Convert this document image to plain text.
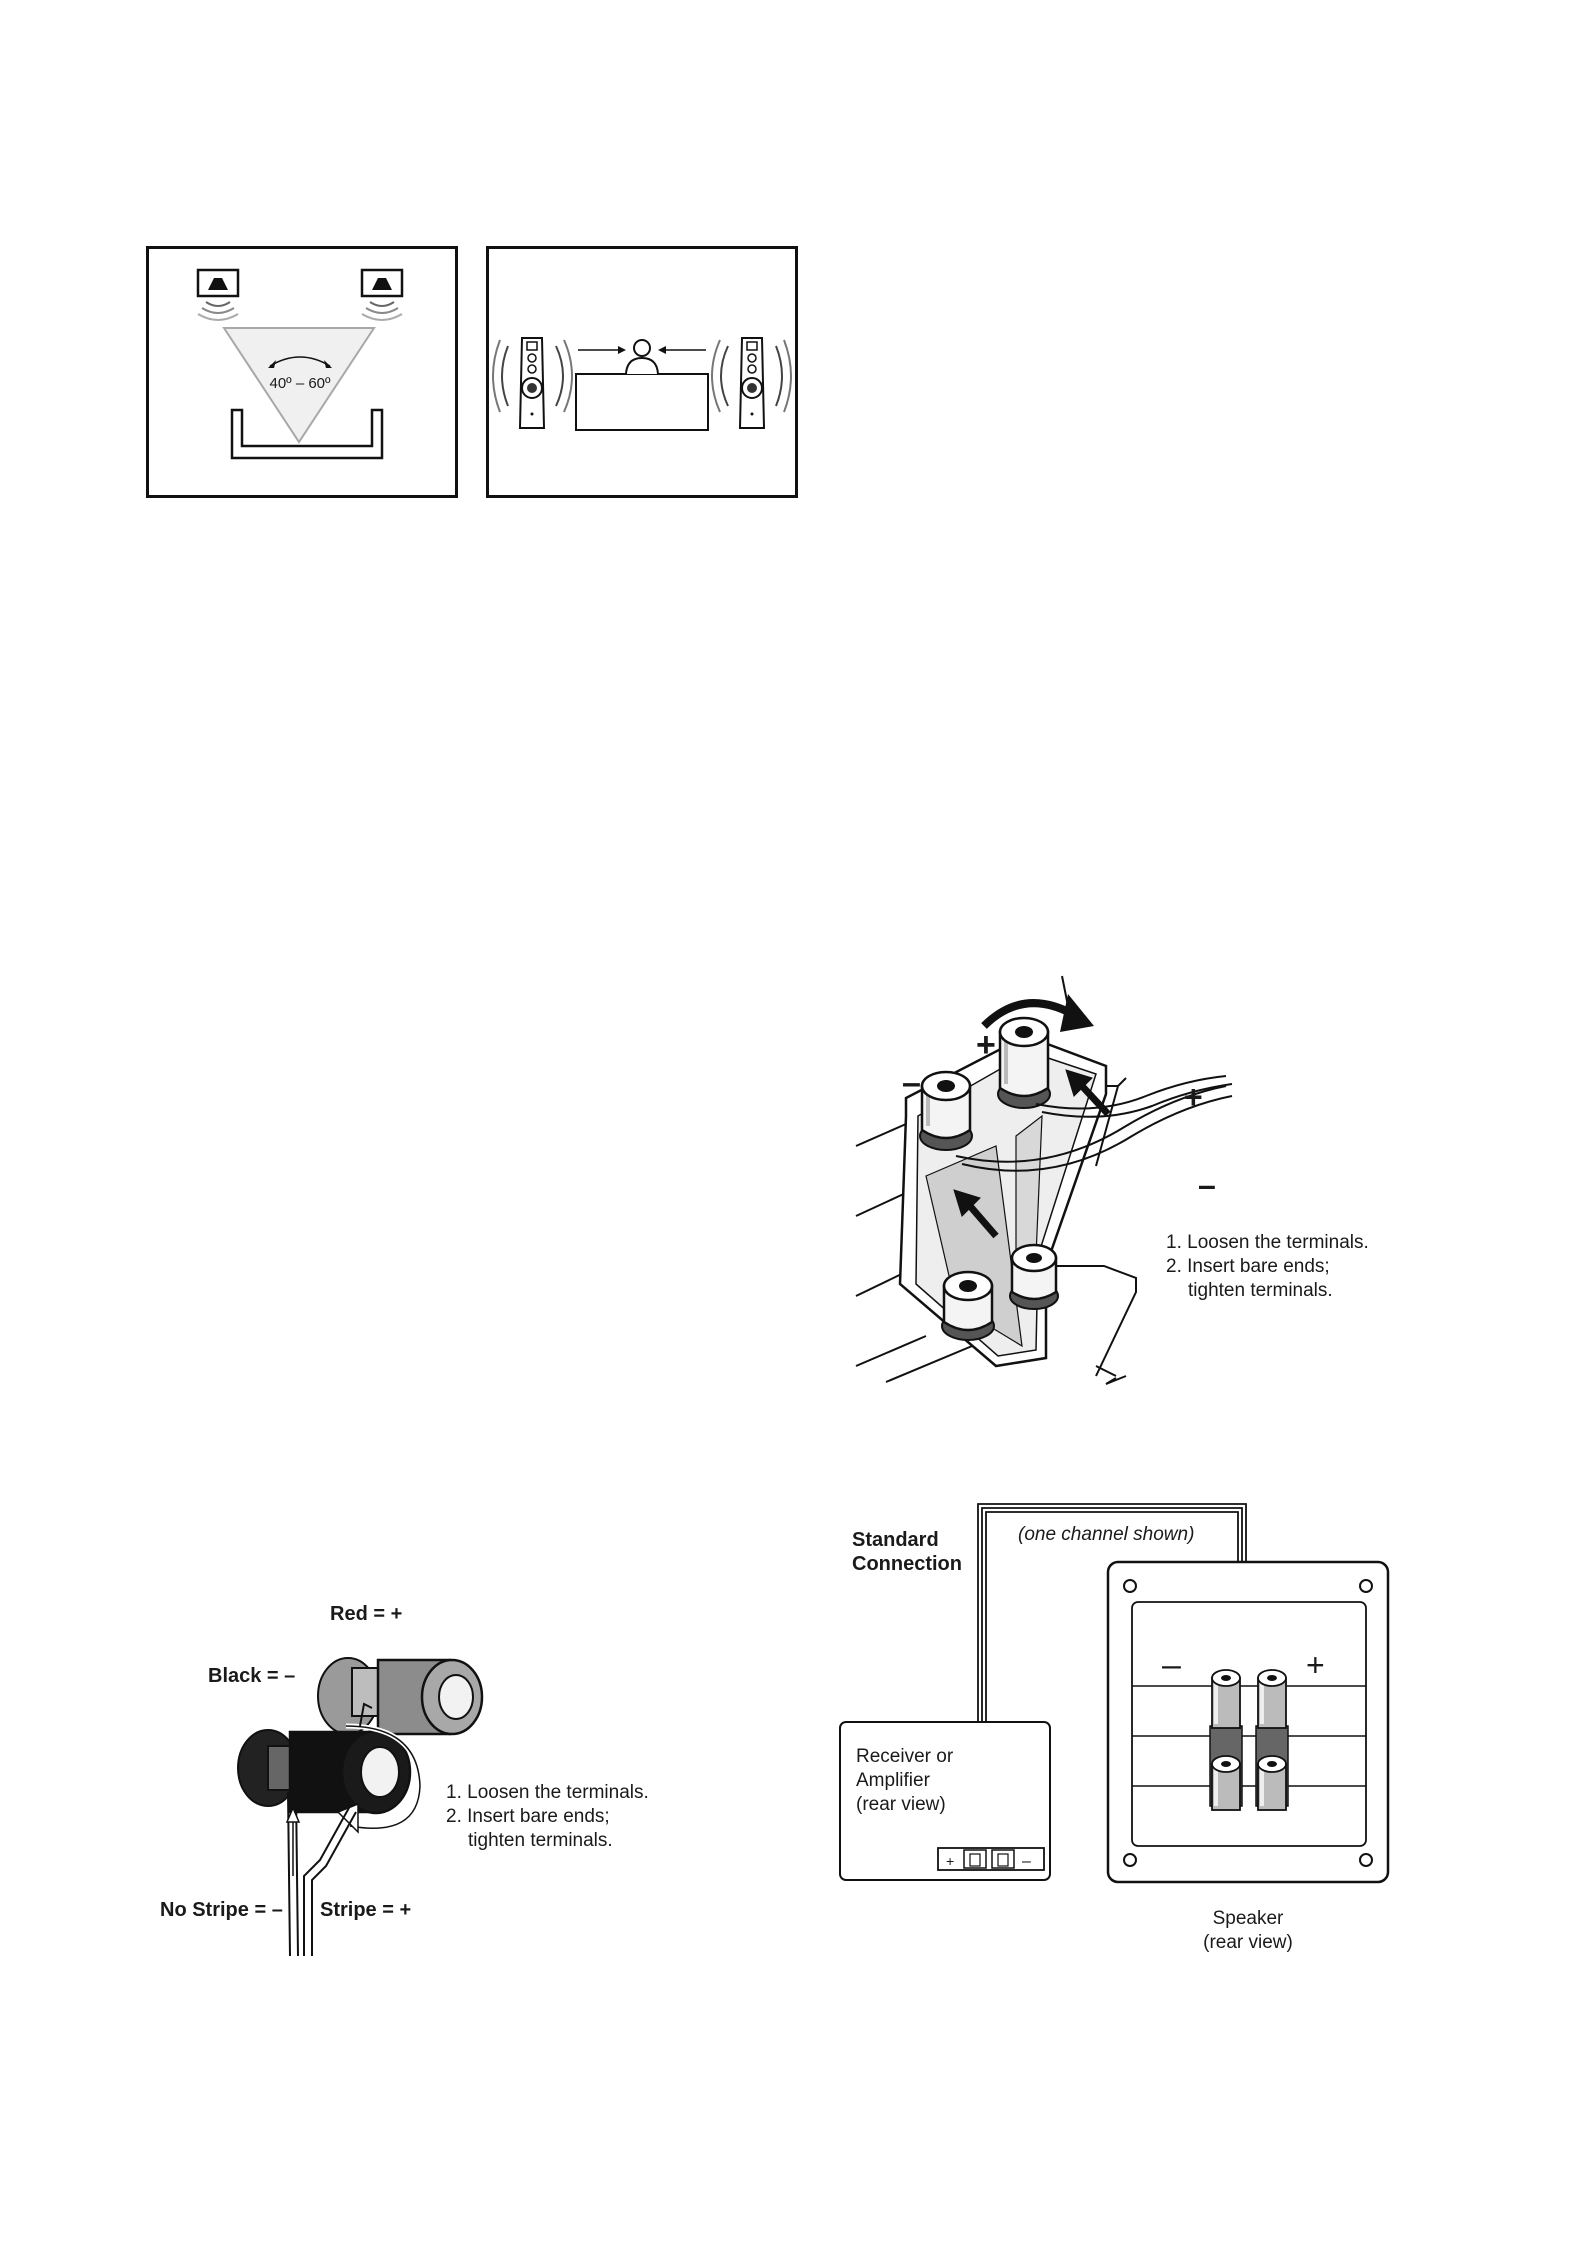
40º – 60º
–
+
+
–
1. Loosen the terminals.
2. Insert bare ends;
tighten terminals.
Red = +
Black = –
1. Loosen the terminals.
2. Insert bare ends;
tighten terminals.
No Stripe = – Stripe = +
Standard
Connection
(one channel shown)
Receiver or
Amplifier
(rear view)
+	–
–	+
Speaker
(rear view)
